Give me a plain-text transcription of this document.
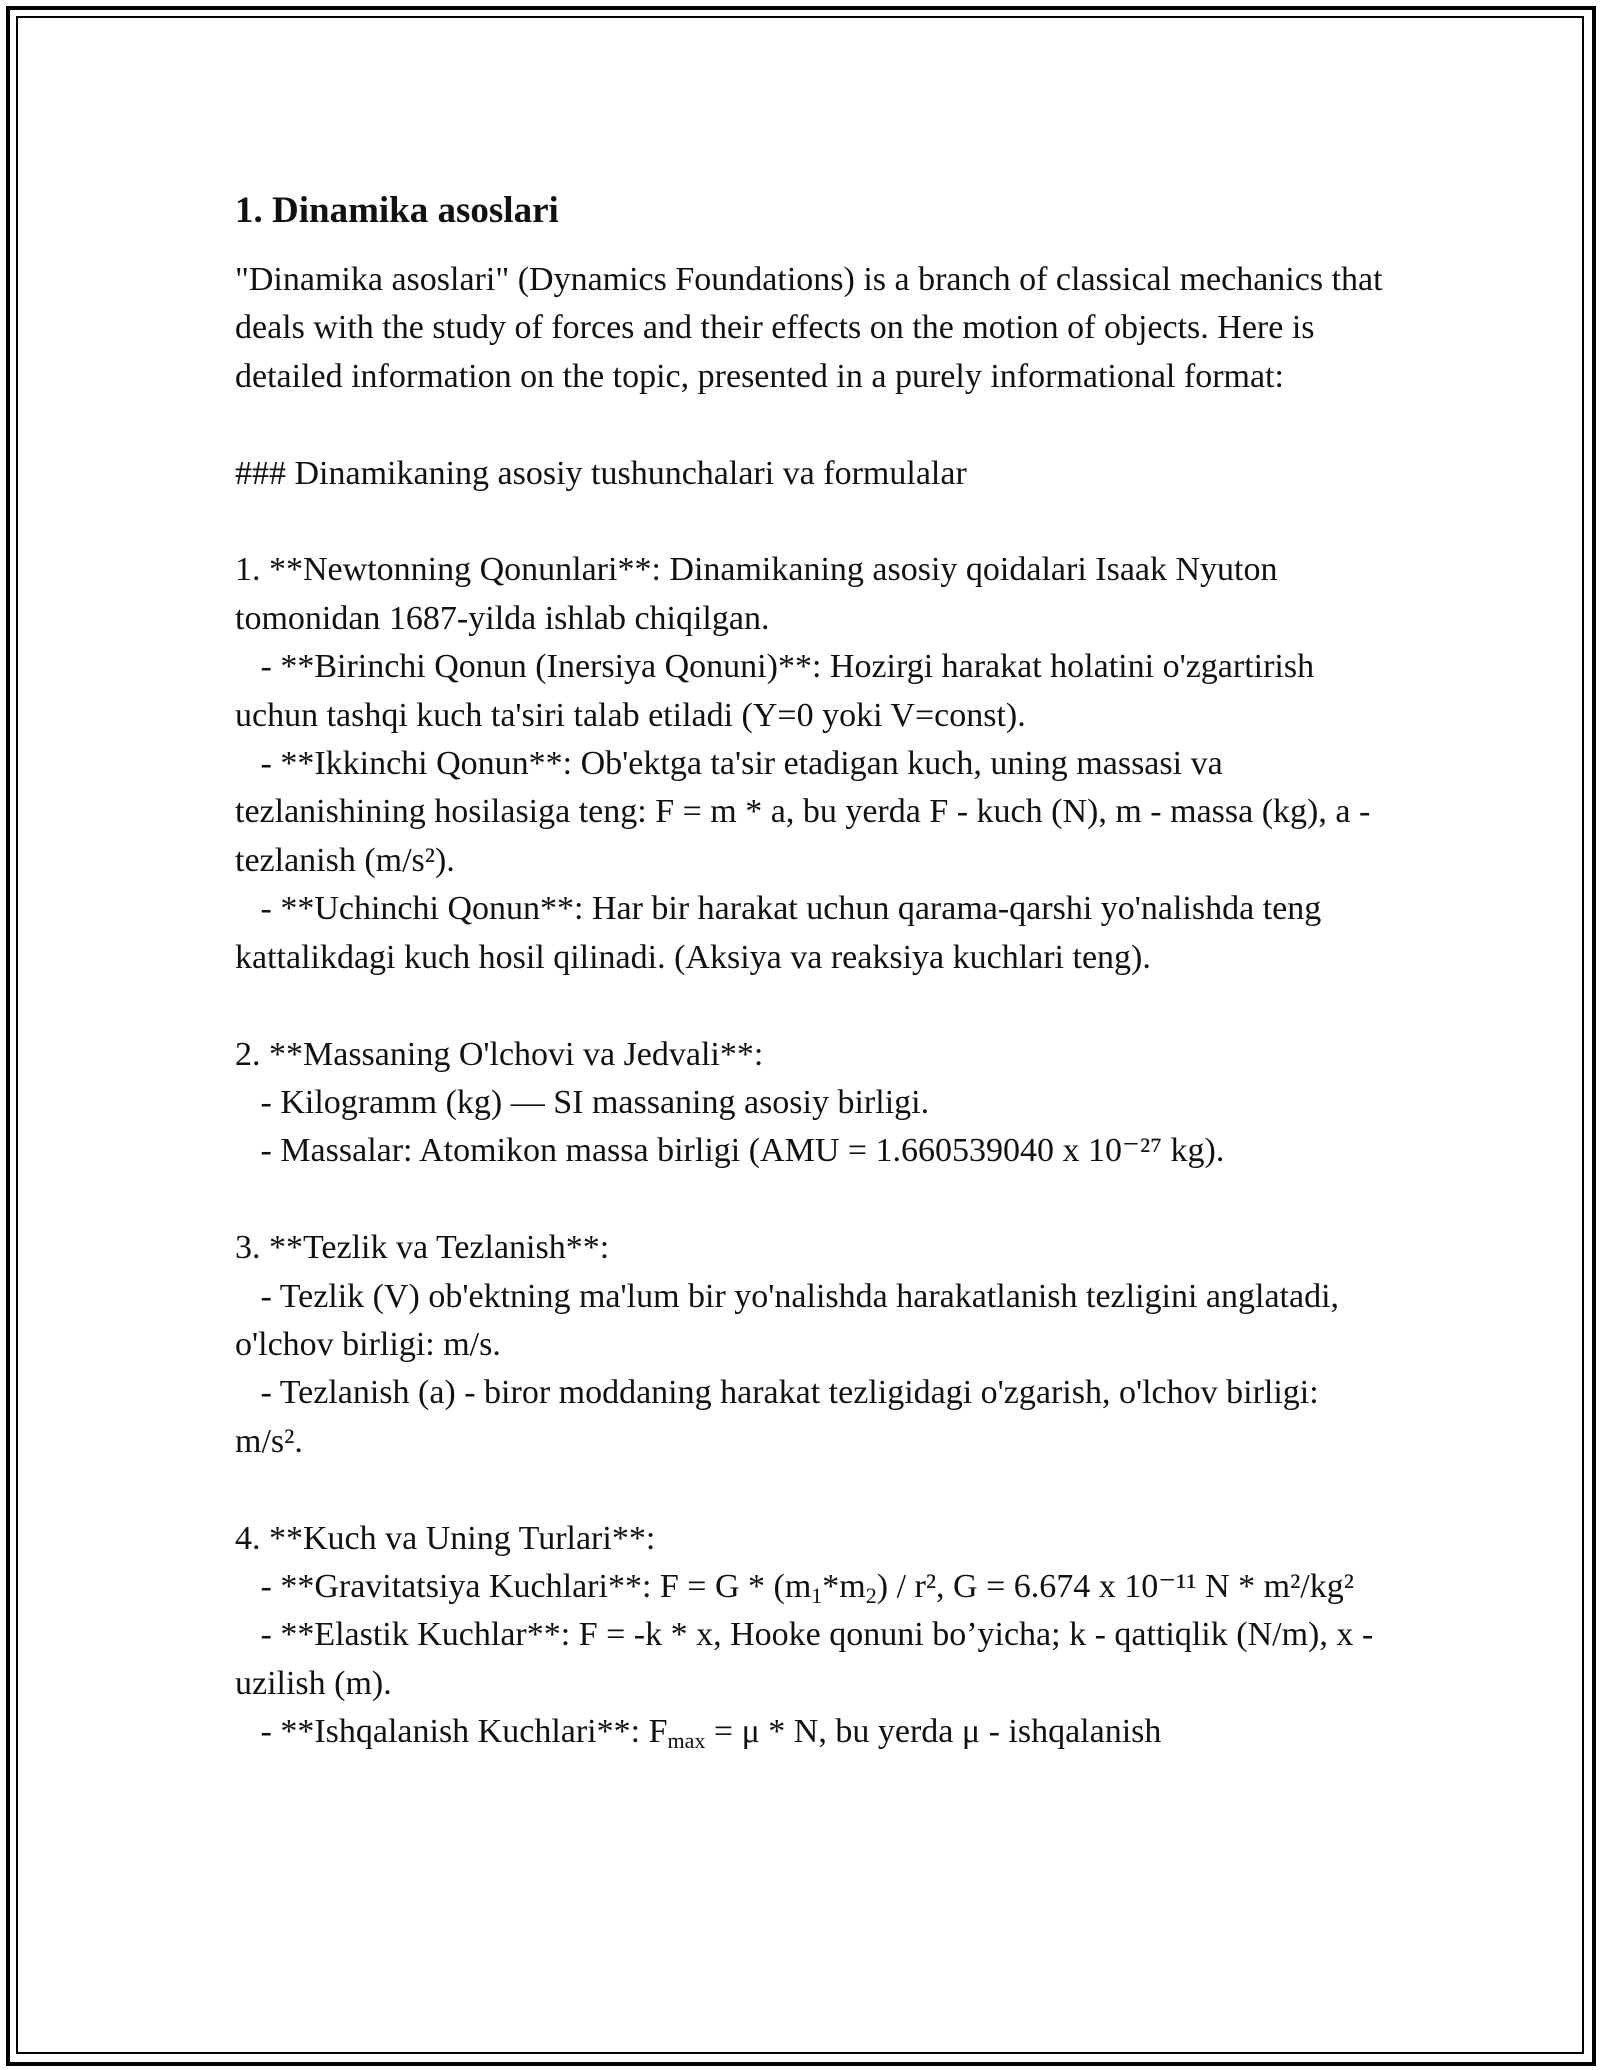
1. Dinamika asoslari

"Dinamika asoslari" (Dynamics Foundations) is a branch of classical mechanics that deals with the study of forces and their effects on the motion of objects. Here is detailed information on the topic, presented in a purely informational format:

### Dinamikaning asosiy tushunchalari va formulalar

1. **Newtonning Qonunlari**: Dinamikaning asosiy qoidalari Isaak Nyuton tomonidan 1687-yilda ishlab chiqilgan.

- **Birinchi Qonun (Inersiya Qonuni)**: Hozirgi harakat holatini o'zgartirish uchun tashqi kuch ta'siri talab etiladi (Y=0 yoki V=const).

- **Ikkinchi Qonun**: Ob'ektga ta'sir etadigan kuch, uning massasi va tezlanishining hosilasiga teng: F = m * a, bu yerda F - kuch (N), m - massa (kg), a - tezlanish (m/s²).

- **Uchinchi Qonun**: Har bir harakat uchun qarama-qarshi yo'nalishda teng kattalikdagi kuch hosil qilinadi. (Aksiya va reaksiya kuchlari teng).

2. **Massaning O'lchovi va Jedvali**:

- Kilogramm (kg) — SI massaning asosiy birligi.

- Massalar: Atomikon massa birligi (AMU = 1.660539040 x 10⁻²⁷ kg).

3. **Tezlik va Tezlanish**:

- Tezlik (V) ob'ektning ma'lum bir yo'nalishda harakatlanish tezligini anglatadi, o'lchov birligi: m/s.

- Tezlanish (a) - biror moddaning harakat tezligidagi o'zgarish, o'lchov birligi: m/s².

4. **Kuch va Uning Turlari**:

- **Gravitatsiya Kuchlari**: $F = G * (m_1*m_2) / r^2$, G = 6.674 x 10⁻¹¹ N * m²/kg²

- **Elastik Kuchlar**: F = -k * x, Hooke qonuni bo’yicha; k - qattiqlik (N/m), x - uzilish (m).

- **Ishqalanish Kuchlari**: $F_{max} = \mu * N$, bu yerda μ - ishqalanish
